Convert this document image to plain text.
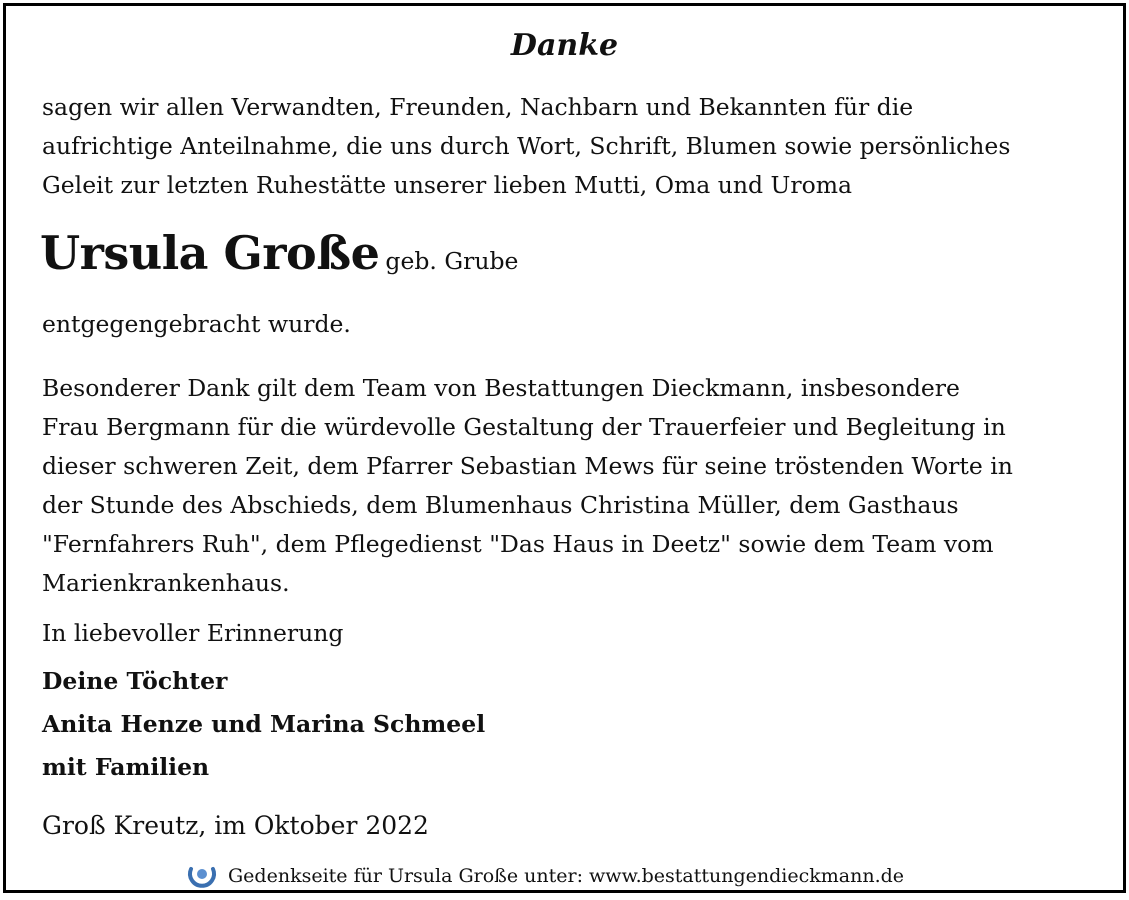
Danke
sagen wir allen Verwandten, Freunden, Nachbarn und Bekannten für die
aufrichtige Anteilnahme, die uns durch Wort, Schrift, Blumen sowie persönliches
Geleit zur letzten Ruhestätte unserer lieben Mutti, Oma und Uroma
Ursula Große geb. Grube
entgegengebracht wurde.
Besonderer Dank gilt dem Team von Bestattungen Dieckmann, insbesondere
Frau Bergmann für die würdevolle Gestaltung der Trauerfeier und Begleitung in
dieser schweren Zeit, dem Pfarrer Sebastian Mews für seine tröstenden Worte in
der Stunde des Abschieds, dem Blumenhaus Christina Müller, dem Gasthaus
"Fernfahrers Ruh", dem Pflegedienst "Das Haus in Deetz" sowie dem Team vom
Marienkrankenhaus.
In liebevoller Erinnerung
Deine Töchter
Anita Henze und Marina Schmeel
mit Familien
Groß Kreutz, im Oktober 2022
Gedenkseite für Ursula Große unter: www.bestattungendieckmann.de
